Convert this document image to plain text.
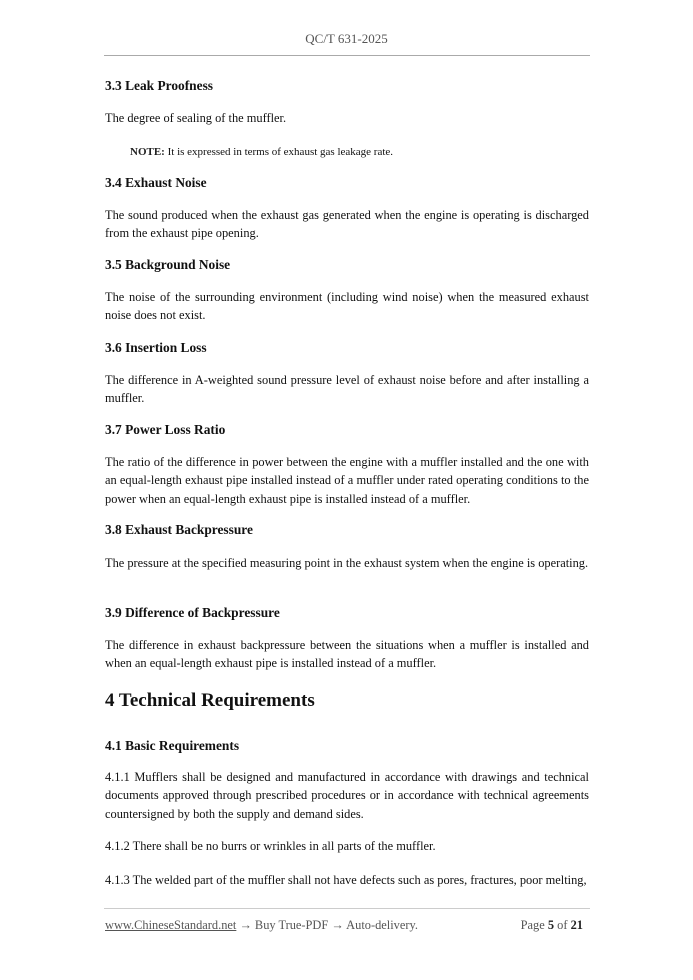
QC/T 631-2025
3.3 Leak Proofness
The degree of sealing of the muffler.
NOTE: It is expressed in terms of exhaust gas leakage rate.
3.4 Exhaust Noise
The sound produced when the exhaust gas generated when the engine is operating is discharged from the exhaust pipe opening.
3.5 Background Noise
The noise of the surrounding environment (including wind noise) when the measured exhaust noise does not exist.
3.6 Insertion Loss
The difference in A-weighted sound pressure level of exhaust noise before and after installing a muffler.
3.7 Power Loss Ratio
The ratio of the difference in power between the engine with a muffler installed and the one with an equal-length exhaust pipe installed instead of a muffler under rated operating conditions to the power when an equal-length exhaust pipe is installed instead of a muffler.
3.8 Exhaust Backpressure
The pressure at the specified measuring point in the exhaust system when the engine is operating.
3.9 Difference of Backpressure
The difference in exhaust backpressure between the situations when a muffler is installed and when an equal-length exhaust pipe is installed instead of a muffler.
4 Technical Requirements
4.1 Basic Requirements
4.1.1 Mufflers shall be designed and manufactured in accordance with drawings and technical documents approved through prescribed procedures or in accordance with technical agreements countersigned by both the supply and demand sides.
4.1.2 There shall be no burrs or wrinkles in all parts of the muffler.
4.1.3 The welded part of the muffler shall not have defects such as pores, fractures, poor melting,
www.ChineseStandard.net → Buy True-PDF → Auto-delivery.	Page 5 of 21
